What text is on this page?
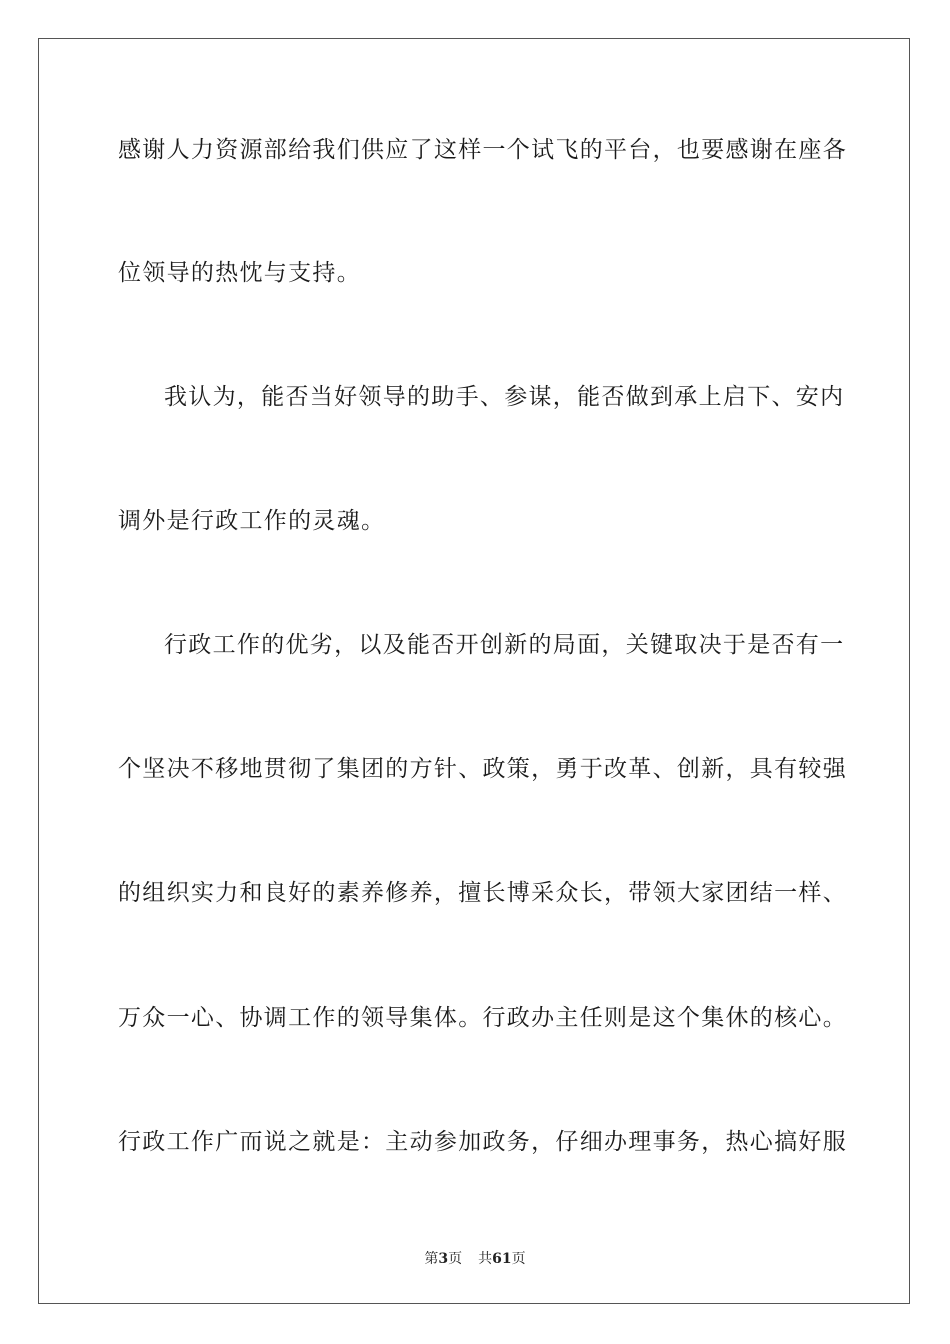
感谢人力资源部给我们供应了这样一个试飞的平台，也要感谢在座各
位领导的热忱与支持。
我认为，能否当好领导的助手、参谋，能否做到承上启下、安内
调外是行政工作的灵魂。
行政工作的优劣，以及能否开创新的局面，关键取决于是否有一
个坚决不移地贯彻了集团的方针、政策，勇于改革、创新，具有较强
的组织实力和良好的素养修养，擅长博采众长，带领大家团结一样、
万众一心、协调工作的领导集体。行政办主任则是这个集休的核心。
行政工作广而说之就是：主动参加政务，仔细办理事务，热心搞好服
第3页 共61页
